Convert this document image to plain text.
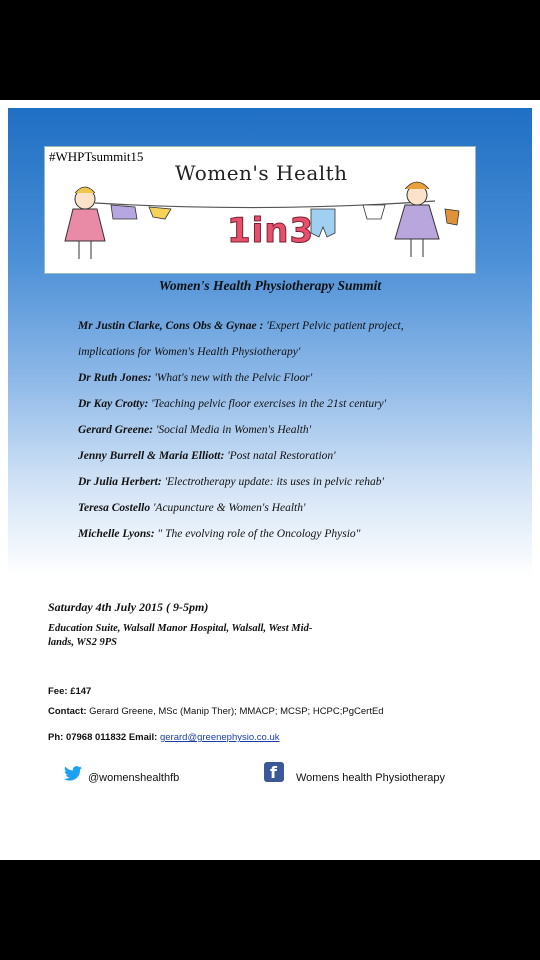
#WHPTsummit15
Women's Health
1in3
Women's Health Physiotherapy Summit
Mr Justin Clarke, Cons Obs & Gynae : 'Expert Pelvic patient project,
implications for Women's Health Physiotherapy'
Dr Ruth Jones: 'What's new with the Pelvic Floor'
Dr Kay Crotty: 'Teaching pelvic floor exercises in the 21st century'
Gerard Greene: 'Social Media in Women's Health'
Jenny Burrell & Maria Elliott: 'Post natal Restoration'
Dr Julia Herbert: 'Electrotherapy update: its uses in pelvic rehab'
Teresa Costello 'Acupuncture & Women's Health'
Michelle Lyons: " The evolving role of the Oncology Physio"
Saturday 4th July 2015 ( 9-5pm)
Education Suite, Walsall Manor Hospital, Walsall, West Mid-
lands, WS2 9PS
Fee: £147
Contact: Gerard Greene, MSc (Manip Ther); MMACP; MCSP; HCPC;PgCertEd
Ph: 07968 011832 Email: gerard@greenephysio.co.uk
@womenshealthfb	f Womens health Physiotherapy
